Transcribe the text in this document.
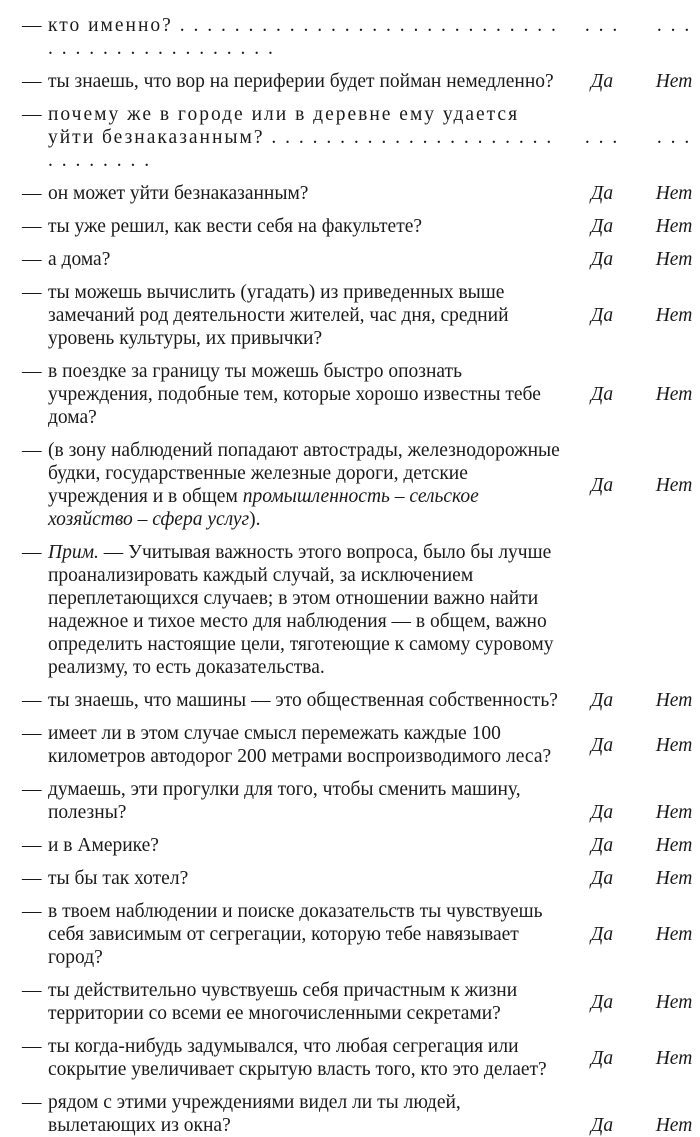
— кто именно? . . . . . . . . . . . . . . . . . . . . . . . . . . . . . . . . . . . . . . . . . . . . .
. . .	. . .
— ты знаешь, что вор на периферии будет пойман немедленно?	Да	Нет
— почему же в городе или в деревне ему удается уйти безнаказанным? . . . . . . . . . . . . . . . . . . . . . . . . . . . . .
. . .	. . .
— он может уйти безнаказанным?	Да	Нет
— ты уже решил, как вести себя на факультете?	Да	Нет
— а дома?	Да	Нет
— ты можешь вычислить (угадать) из приведенных выше замечаний род деятельности жителей, час дня, средний уровень культуры, их привычки?
Да	Нет
— в поездке за границу ты можешь быстро опознать учреждения, подобные тем, которые хорошо известны тебе дома?
Да	Нет
— (в зону наблюдений попадают автострады, железнодорожные будки, государственные железные дороги, детские учреждения и в общем промышленность – сельское хозяйство – сфера услуг).
Да	Нет
— Прим. — Учитывая важность этого вопроса, было бы лучше проанализировать каждый случай, за исключением переплетающихся случаев; в этом отношении важно найти надежное и тихое место для наблюдения — в общем, важно определить настоящие цели, тяготеющие к самому суровому реализму, то есть доказательства.
— ты знаешь, что машины — это общественная собственность?	Да	Нет
— имеет ли в этом случае смысл перемежать каждые 100 километров автодорог 200 метрами воспроизводимого леса?
Да	Нет
— думаешь, эти прогулки для того, чтобы сменить машину, полезны?	Да	Нет
— и в Америке?	Да	Нет
— ты бы так хотел?	Да	Нет
— в твоем наблюдении и поиске доказательств ты чувствуешь себя зависимым от сегрегации, которую тебе навязывает город?
Да	Нет
— ты действительно чувствуешь себя причастным к жизни территории со всеми ее многочисленными секретами?
Да	Нет
— ты когда-нибудь задумывался, что любая сегрегация или сокрытие увеличивает скрытую власть того, кто это делает?
Да	Нет
— рядом с этими учреждениями видел ли ты людей, вылетающих из окна?	Да	Нет
